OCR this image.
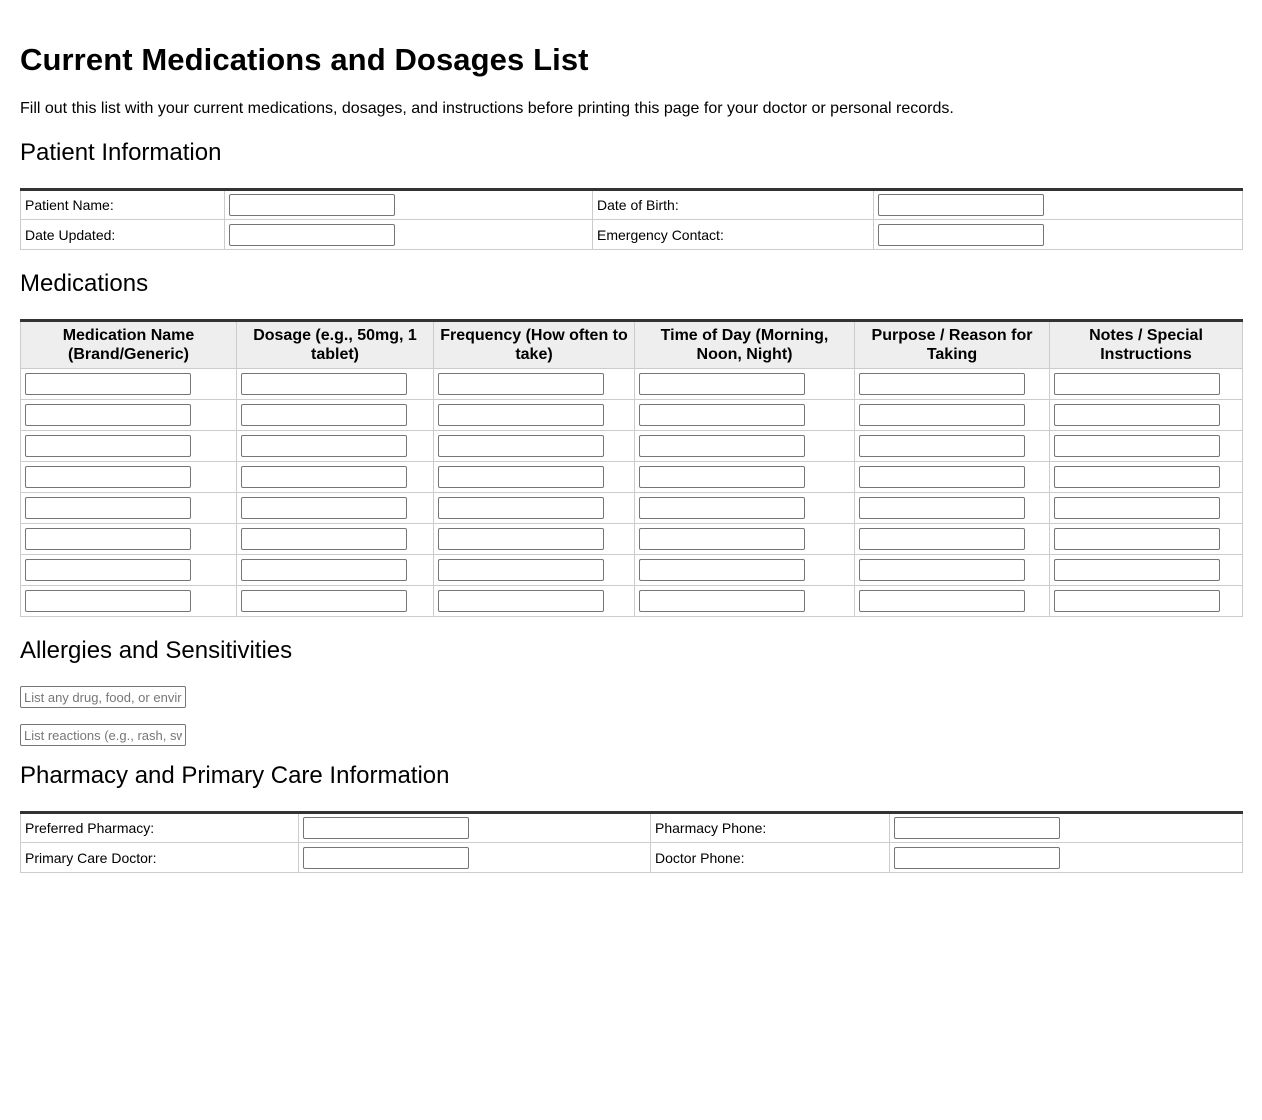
Current Medications and Dosages List

Fill out this list with your current medications, dosages, and instructions before printing this page for your doctor or personal records.

Patient Information
Patient Name:		Date of Birth:	

Date Updated:		Emergency Contact:	
Medications
Medication Name (Brand/Generic)	Dosage (e.g., 50mg, 1 tablet)	Frequency (How often to take)	Time of Day (Morning, Noon, Night)	Purpose / Reason for Taking	Notes / Special Instructions

Allergies and Sensitivities
List any drug, food, or environmental allergies
List reactions (e.g., rash, swelling)
Pharmacy and Primary Care Information
Preferred Pharmacy:		Pharmacy Phone:	

Primary Care Doctor:		Doctor Phone:	
